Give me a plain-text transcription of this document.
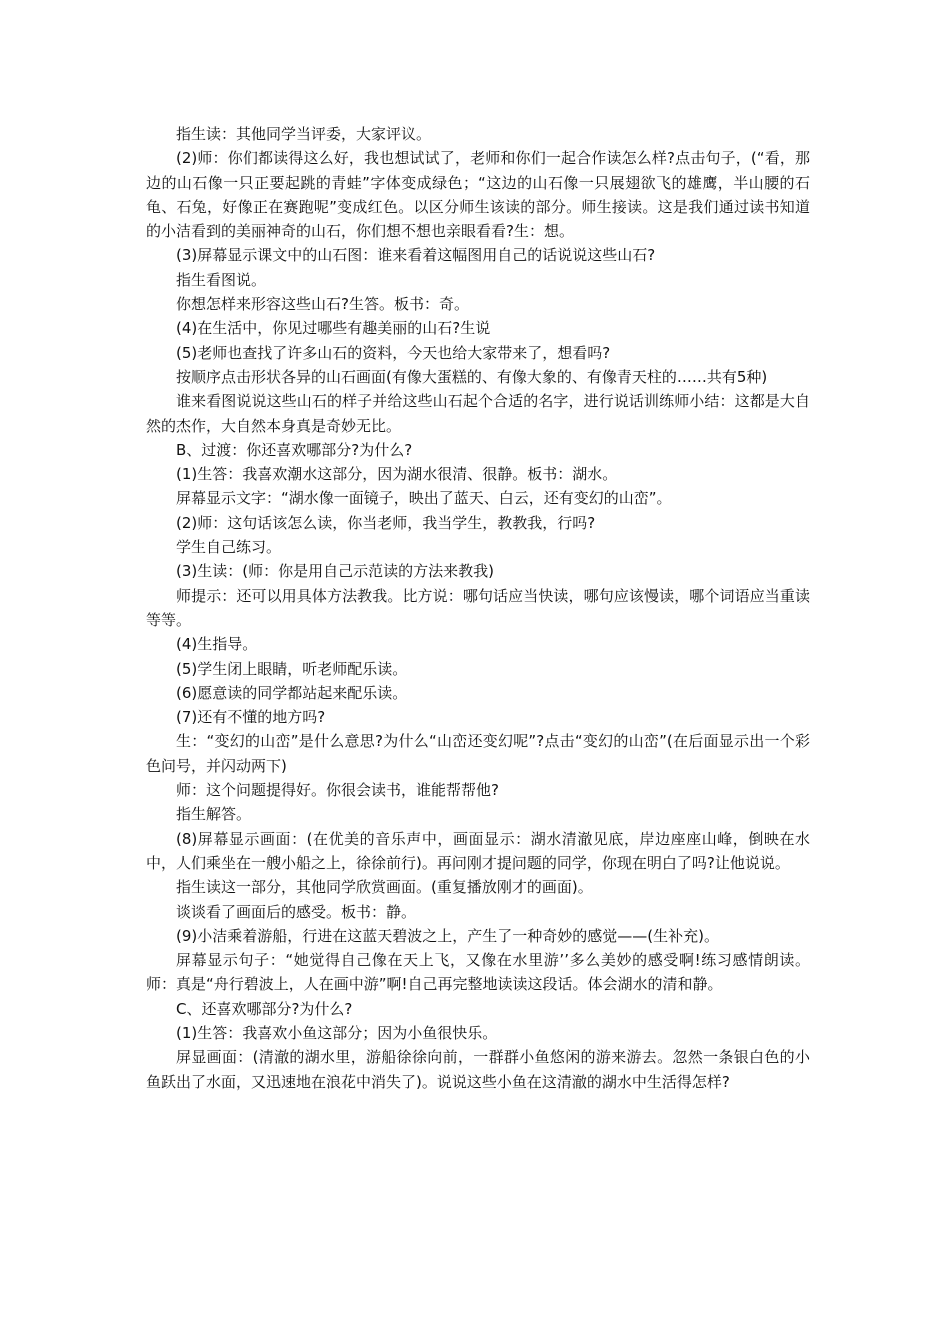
指生读：其他同学当评委，大家评议。

(2)师：你们都读得这么好，我也想试试了，老师和你们一起合作读怎么样?点击句子，(“看，那边的山石像一只正要起跳的青蛙”字体变成绿色；“这边的山石像一只展翅欲飞的雄鹰，半山腰的石龟、石兔，好像正在赛跑呢”变成红色。以区分师生该读的部分。师生接读。这是我们通过读书知道的小洁看到的美丽神奇的山石，你们想不想也亲眼看看?生：想。

(3)屏幕显示课文中的山石图：谁来看着这幅图用自己的话说说这些山石?

指生看图说。

你想怎样来形容这些山石?生答。板书：奇。

(4)在生活中，你见过哪些有趣美丽的山石?生说

(5)老师也查找了许多山石的资料，今天也给大家带来了，想看吗?

按顺序点击形状各异的山石画面(有像大蛋糕的、有像大象的、有像青天柱的……共有5种)

谁来看图说说这些山石的样子并给这些山石起个合适的名字，进行说话训练师小结：这都是大自然的杰作，大自然本身真是奇妙无比。

B、过渡：你还喜欢哪部分?为什么?

(1)生答：我喜欢潮水这部分，因为湖水很清、很静。板书：湖水。

屏幕显示文字：“湖水像一面镜子，映出了蓝天、白云，还有变幻的山峦”。

(2)师：这句话该怎么读，你当老师，我当学生，教教我，行吗?

学生自己练习。

(3)生读：(师：你是用自己示范读的方法来教我)

师提示：还可以用具体方法教我。比方说：哪句话应当快读，哪句应该慢读，哪个词语应当重读等等。

(4)生指导。

(5)学生闭上眼睛，听老师配乐读。

(6)愿意读的同学都站起来配乐读。

(7)还有不懂的地方吗?

生：“变幻的山峦”是什么意思?为什么“山峦还变幻呢”?点击“变幻的山峦”(在后面显示出一个彩色问号，并闪动两下)

师：这个问题提得好。你很会读书，谁能帮帮他?

指生解答。

(8)屏幕显示画面：(在优美的音乐声中，画面显示：湖水清澈见底，岸边座座山峰，倒映在水中，人们乘坐在一艘小船之上，徐徐前行)。再问刚才提问题的同学，你现在明白了吗?让他说说。

指生读这一部分，其他同学欣赏画面。(重复播放刚才的画面)。

谈谈看了画面后的感受。板书：静。

(9)小洁乘着游船，行进在这蓝天碧波之上，产生了一种奇妙的感觉——(生补充)。

屏幕显示句子：“她觉得自己像在天上飞，又像在水里游’’多么美妙的感受啊!练习感情朗读。师：真是“舟行碧波上，人在画中游”啊!自己再完整地读读这段话。体会湖水的清和静。

C、还喜欢哪部分?为什么?

(1)生答：我喜欢小鱼这部分；因为小鱼很快乐。

屏显画面：(清澈的湖水里，游船徐徐向前，一群群小鱼悠闲的游来游去。忽然一条银白色的小鱼跃出了水面，又迅速地在浪花中消失了)。说说这些小鱼在这清澈的湖水中生活得怎样?
